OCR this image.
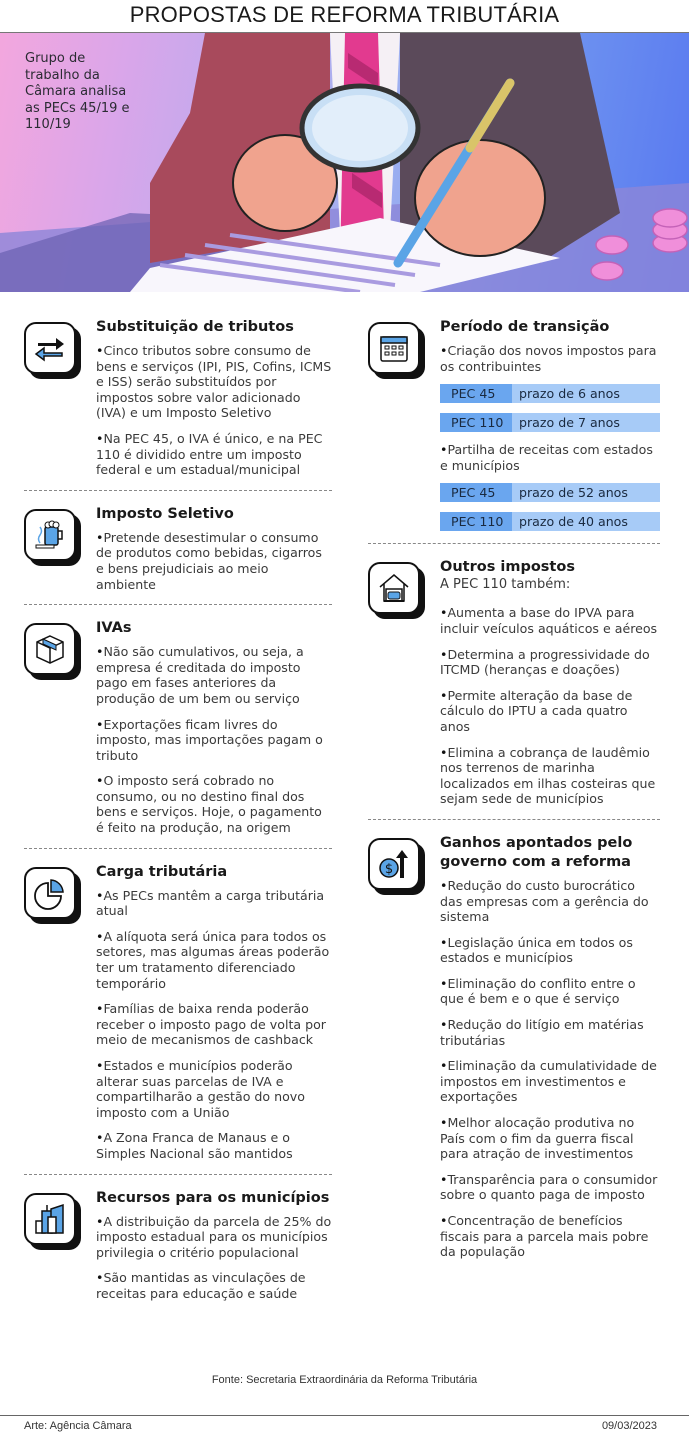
PROPOSTAS DE REFORMA TRIBUTÁRIA
Grupo de trabalho da Câmara analisa as PECs 45/19 e 110/19
Substituição de tributos
• Cinco tributos sobre consumo de bens e serviços (IPI, PIS, Cofins, ICMS e ISS) serão substituídos por impostos sobre valor adicionado (IVA) e um Imposto Seletivo
• Na PEC 45, o IVA é único, e na PEC 110 é dividido entre um imposto federal e um estadual/municipal
Imposto Seletivo
• Pretende desestimular o consumo de produtos como bebidas, cigarros e bens prejudiciais ao meio ambiente
IVAs
• Não são cumulativos, ou seja, a empresa é creditada do imposto pago em fases anteriores da produção de um bem ou serviço
• Exportações ficam livres do imposto, mas importações pagam o tributo
• O imposto será cobrado no consumo, ou no destino final dos bens e serviços. Hoje, o pagamento é feito na produção, na origem
Carga tributária
• As PECs mantêm a carga tributária atual
• A alíquota será única para todos os setores, mas algumas áreas poderão ter um tratamento diferenciado temporário
• Famílias de baixa renda poderão receber o imposto pago de volta por meio de mecanismos de cashback
• Estados e municípios poderão alterar suas parcelas de IVA e compartilharão a gestão do novo imposto com a União
• A Zona Franca de Manaus e o Simples Nacional são mantidos
Recursos para os municípios
• A distribuição da parcela de 25% do imposto estadual para os municípios privilegia o critério populacional
• São mantidas as vinculações de receitas para educação e saúde
Período de transição
• Criação dos novos impostos para os contribuintes
PEC 45	prazo de 6 anos
PEC 110	prazo de 7 anos
• Partilha de receitas com estados e municípios
PEC 45	prazo de 52 anos
PEC 110	prazo de 40 anos
Outros impostos
A PEC 110 também:
• Aumenta a base do IPVA para incluir veículos aquáticos e aéreos
• Determina a progressividade do ITCMD (heranças e doações)
• Permite alteração da base de cálculo do IPTU a cada quatro anos
• Elimina a cobrança de laudêmio nos terrenos de marinha localizados em ilhas costeiras que sejam sede de municípios
$
Ganhos apontados pelo governo com a reforma
• Redução do custo burocrático das empresas com a gerência do sistema
• Legislação única em todos os estados e municípios
• Eliminação do conflito entre o que é bem e o que é serviço
• Redução do litígio em matérias tributárias
• Eliminação da cumulatividade de impostos em investimentos e exportações
• Melhor alocação produtiva no País com o fim da guerra fiscal para atração de investimentos
• Transparência para o consumidor sobre o quanto paga de imposto
• Concentração de benefícios fiscais para a parcela mais pobre da população
Fonte: Secretaria Extraordinária da Reforma Tributária
Arte: Agência Câmara	09/03/2023
